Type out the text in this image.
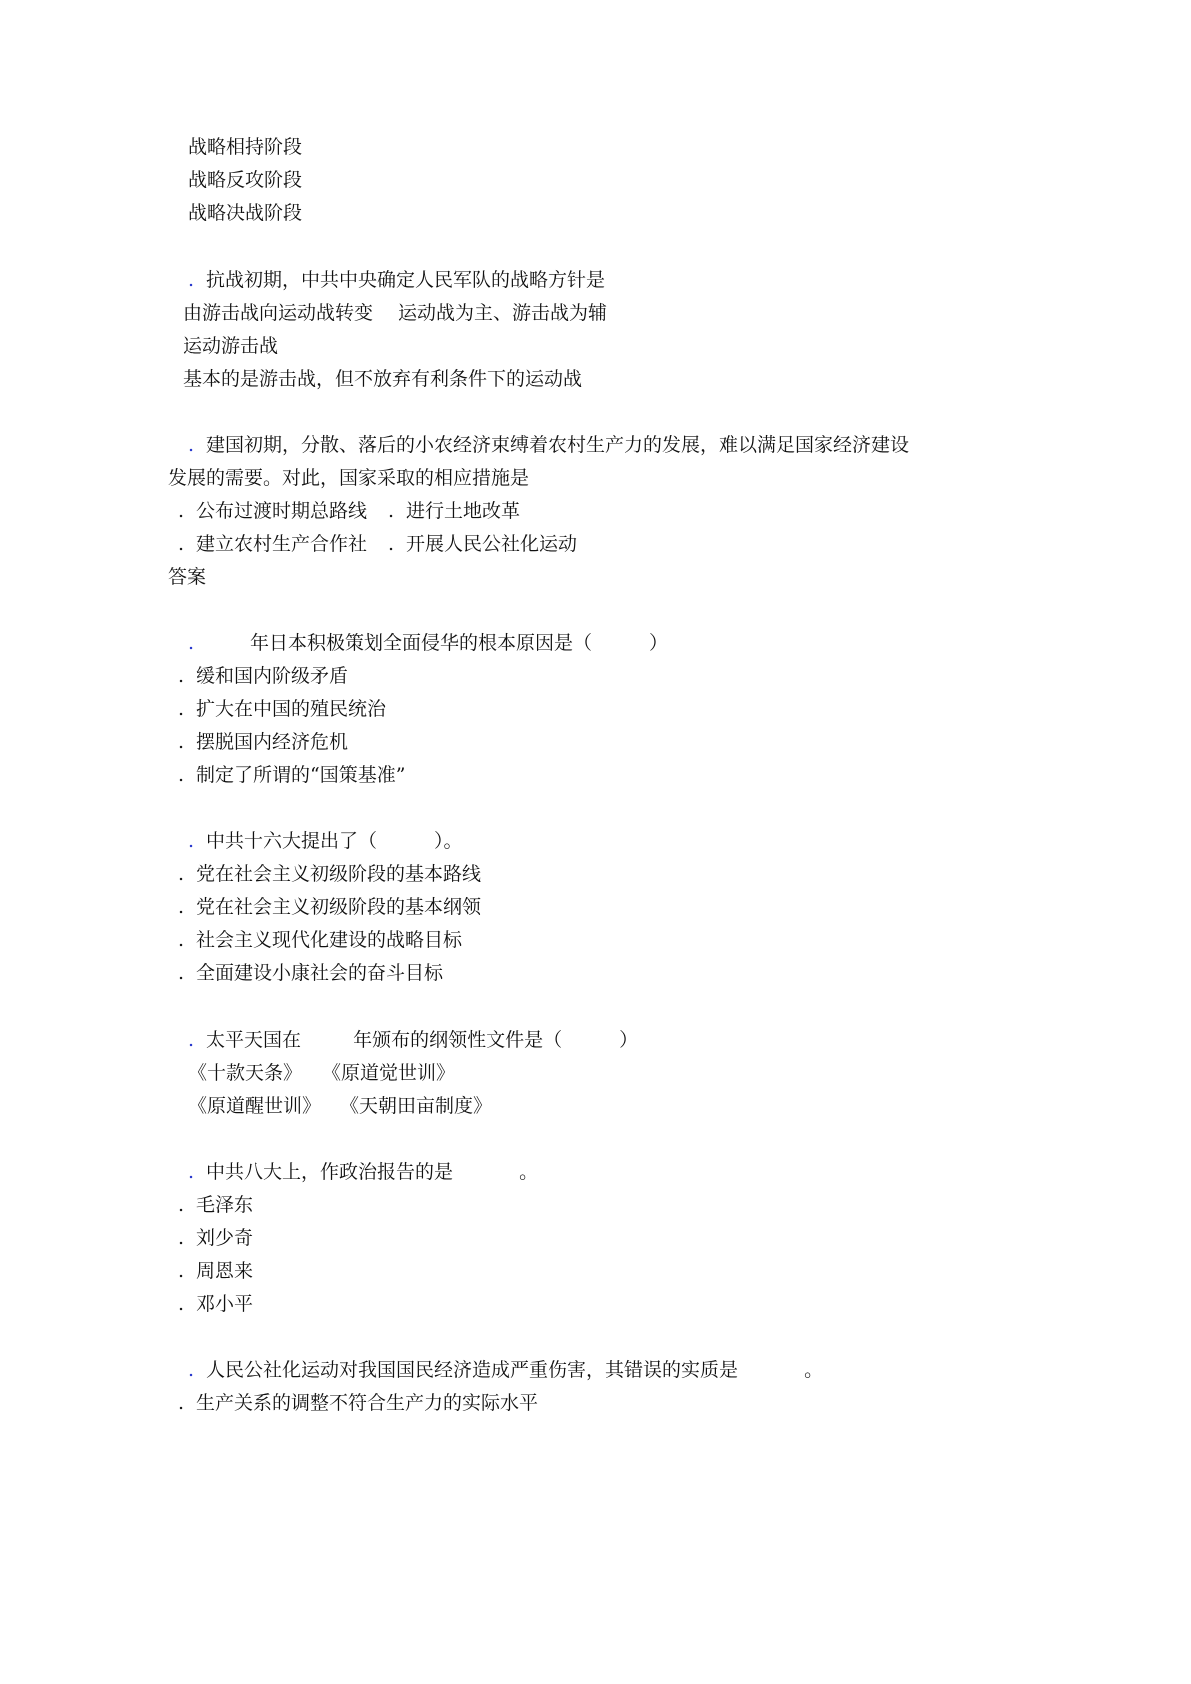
战略相持阶段
战略反攻阶段
战略决战阶段
. 抗战初期，中共中央确定人民军队的战略方针是
由游击战向运动战转变 运动战为主、游击战为辅
运动游击战
基本的是游击战，但不放弃有利条件下的运动战
. 建国初期，分散、落后的小农经济束缚着农村生产力的发展，难以满足国家经济建设
发展的需要。对此，国家采取的相应措施是
. 公布过渡时期总路线 . 进行土地改革
. 建立农村生产合作社 . 开展人民公社化运动
答案
.	年日本积极策划全面侵华的根本原因是（　　　）
. 缓和国内阶级矛盾
. 扩大在中国的殖民统治
. 摆脱国内经济危机
. 制定了所谓的“国策基准”
. 中共十六大提出了（　　　）。
. 党在社会主义初级阶段的基本路线
. 党在社会主义初级阶段的基本纲领
. 社会主义现代化建设的战略目标
. 全面建设小康社会的奋斗目标
. 太平天国在	年颁布的纲领性文件是（　　　）
《十款天条》 《原道觉世训》
《原道醒世训》 《天朝田亩制度》
. 中共八大上，作政治报告的是	。
. 毛泽东
. 刘少奇
. 周恩来
. 邓小平
. 人民公社化运动对我国国民经济造成严重伤害，其错误的实质是	。
. 生产关系的调整不符合生产力的实际水平
